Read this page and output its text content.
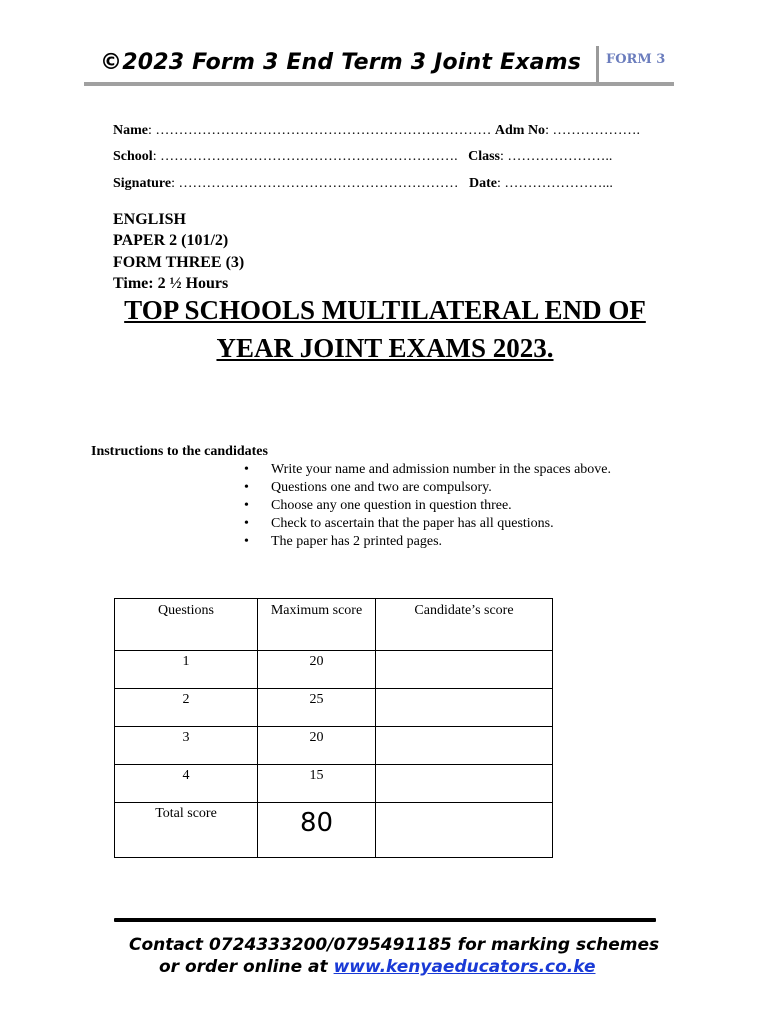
©2023 Form 3 End Term 3 Joint Exams FORM 3
Name: ……………………………………………………………… Adm No: ……………….
School: ………………………………………………………. Class: …………………..
Signature: …………………………………………………… Date: …………………...
ENGLISH
PAPER 2 (101/2)
FORM THREE (3)
Time: 2 ½ Hours
TOP SCHOOLS MULTILATERAL END OF
YEAR JOINT EXAMS 2023.
Instructions to the candidates
• Write your name and admission number in the spaces above.
• Questions one and two are compulsory.
• Choose any one question in question three.
• Check to ascertain that the paper has all questions.
• The paper has 2 printed pages.
Questions	Maximum score	Candidate’s score
1	20	
2	25	
3	20	
4	15	
Total score	80	

Contact 0724333200/0795491185 for marking schemes
or order online at www.kenyaeducators.co.ke
